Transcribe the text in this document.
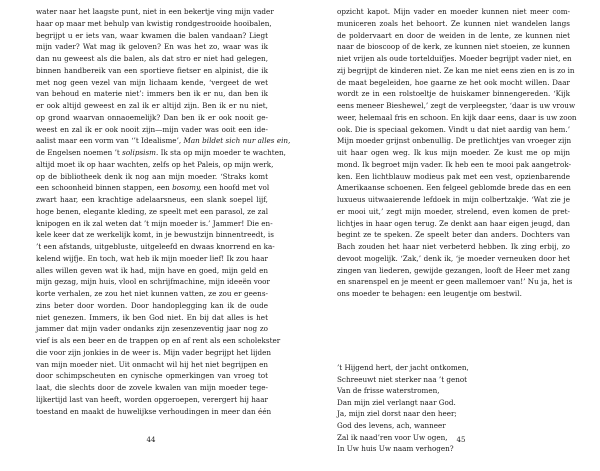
water naar het laagste punt, niet in een bekertje ving mijn vader
haar op maar met behulp van kwistig rondgestrooide hooibalen,
begrijpt u er iets van, waar kwamen die balen vandaan? Liegt
mijn vader? Wat mag ik geloven? En was het zo, waar was ik
dan nu geweest als die balen, als dat stro er niet had gelegen,
binnen handbereik van een sportieve fietser en alpinist, die ik
met nog geen vezel van mijn lichaam kende, ‘vergeet de wet
van behoud en materie niet’: immers ben ik er nu, dan ben ik
er ook altijd geweest en zal ik er altijd zijn. Ben ik er nu niet,
op grond waarvan onnaoemelijk? Dan ben ik er ook nooit ge-
weest en zal ik er ook nooit zijn—mijn vader was ooit een ide-
aalist maar een vorm van ‘’t Idealisme’, Man bildet sich nur alles ein,
de Engelsen noemen ’t solipsism. Ik sta op mijn moeder te wachten,
altijd moet ik op haar wachten, zelfs op het Paleis, op mijn werk,
op de bibliotheek denk ik nog aan mijn moeder. ‘Straks komt
een schoonheid binnen stappen, een bosomy, een hoofd met vol
zwart haar, een krachtige adelaarsneus, een slank soepel lijf,
hoge benen, elegante kleding, ze speelt met een parasol, ze zal
knipogen en ik zal weten dat ’t mijn moeder is.’ Jammer! Die en-
kele keer dat ze werkelijk komt, in je bewustzijn binnentreedt, is
’t een afstands, uitgebluste, uitgeleefd en dwaas knorrend en ka-
kelend wijfje. En toch, wat heb ik mijn moeder lief! Ik zou haar
alles willen geven wat ik had, mijn have en goed, mijn geld en
mijn gezag, mijn huis, vlool en schrijfmachine, mijn ideeën voor
korte verhalen, ze zou het niet kunnen vatten, ze zou er geens-
zins beter door worden. Door handoplegging kan ik de oude
niet genezen. Immers, ik ben God niet. En bij dat alles is het
jammer dat mijn vader ondanks zijn zesenzeventig jaar nog zo
vief is als een beer en de trappen op en af rent als een scholekster
die voor zijn jonkies in de weer is. Mijn vader begrijpt het lijden
van mijn moeder niet. Uit onmacht wil hij het niet begrijpen en
door schimpscheuten en cynische opmerkingen van vroeg tot
laat, die slechts door de zovele kwalen van mijn moeder tege-
lijkertijd last van heeft, worden opgeroepen, verergert hij haar
toestand en maakt de huwelijkse verhoudingen in meer dan één
44
opzicht kapot. Mijn vader en moeder kunnen niet meer com-
municeren zoals het behoort. Ze kunnen niet wandelen langs
de poldervaart en door de weiden in de lente, ze kunnen niet
naar de bioscoop of de kerk, ze kunnen niet stoeien, ze kunnen
niet vrijen als oude tortelduifjes. Moeder begrijpt vader niet, en
zij begrijpt de kinderen niet. Ze kan me niet eens zien en is zo in
de maat begeleiden, hoe gaarne ze het ook mocht willen. Daar
wordt ze in een rolstoeltje de huiskamer binnengereden. ‘Kijk
eens meneer Bieshewel,’ zegt de verpleegster, ‘daar is uw vrouw
weer, helemaal fris en schoon. En kijk daar eens, daar is uw zoon
ook. Die is speciaal gekomen. Vindt u dat niet aardig van hem.’
Mijn moeder grijnst onbenullig. De pretlichtjes van vroeger zijn
uit haar ogen weg. Ik kus mijn moeder. Ze kust me op mijn
mond. Ik begroet mijn vader. Ik heb een te mooi pak aangetrok-
ken. Een lichtblauw modieus pak met een vest, opzienbarende
Amerikaanse schoenen. Een felgeel geblomde brede das en een
luxueus uitwaaierende lefdoek in mijn colbertzakje. ‘Wat zie je
er mooi uit,’ zegt mijn moeder, strelend, even komen de pret-
lichtjes in haar ogen terug. Ze denkt aan haar eigen jeugd, dan
begint ze te speken. Ze speelt beter dan anders. Dochters van
Bach zouden het haar niet verbeterd hebben. Ik zing erbij, zo
devoot mogelijk. ‘Zak,’ denk ik, ‘je moeder verneuken door het
zingen van liederen, gewijde gezangen, looft de Heer met zang
en snarenspel en je meent er geen mallemoer van!’ Nu ja, het is
ons moeder te behagen: een leugentje om bestwil.
’t Hijgend hert, der jacht ontkomen,
Schreeuwt niet sterker naa ’t genot
Van de frisse waterstromen,
Dan mijn ziel verlangt naar God.
Ja, mijn ziel dorst naar den heer;
God des levens, ach, wanneer
Zal ik naad’ren voor Uw ogen,
In Uw huis Uw naam verhogen?
45
